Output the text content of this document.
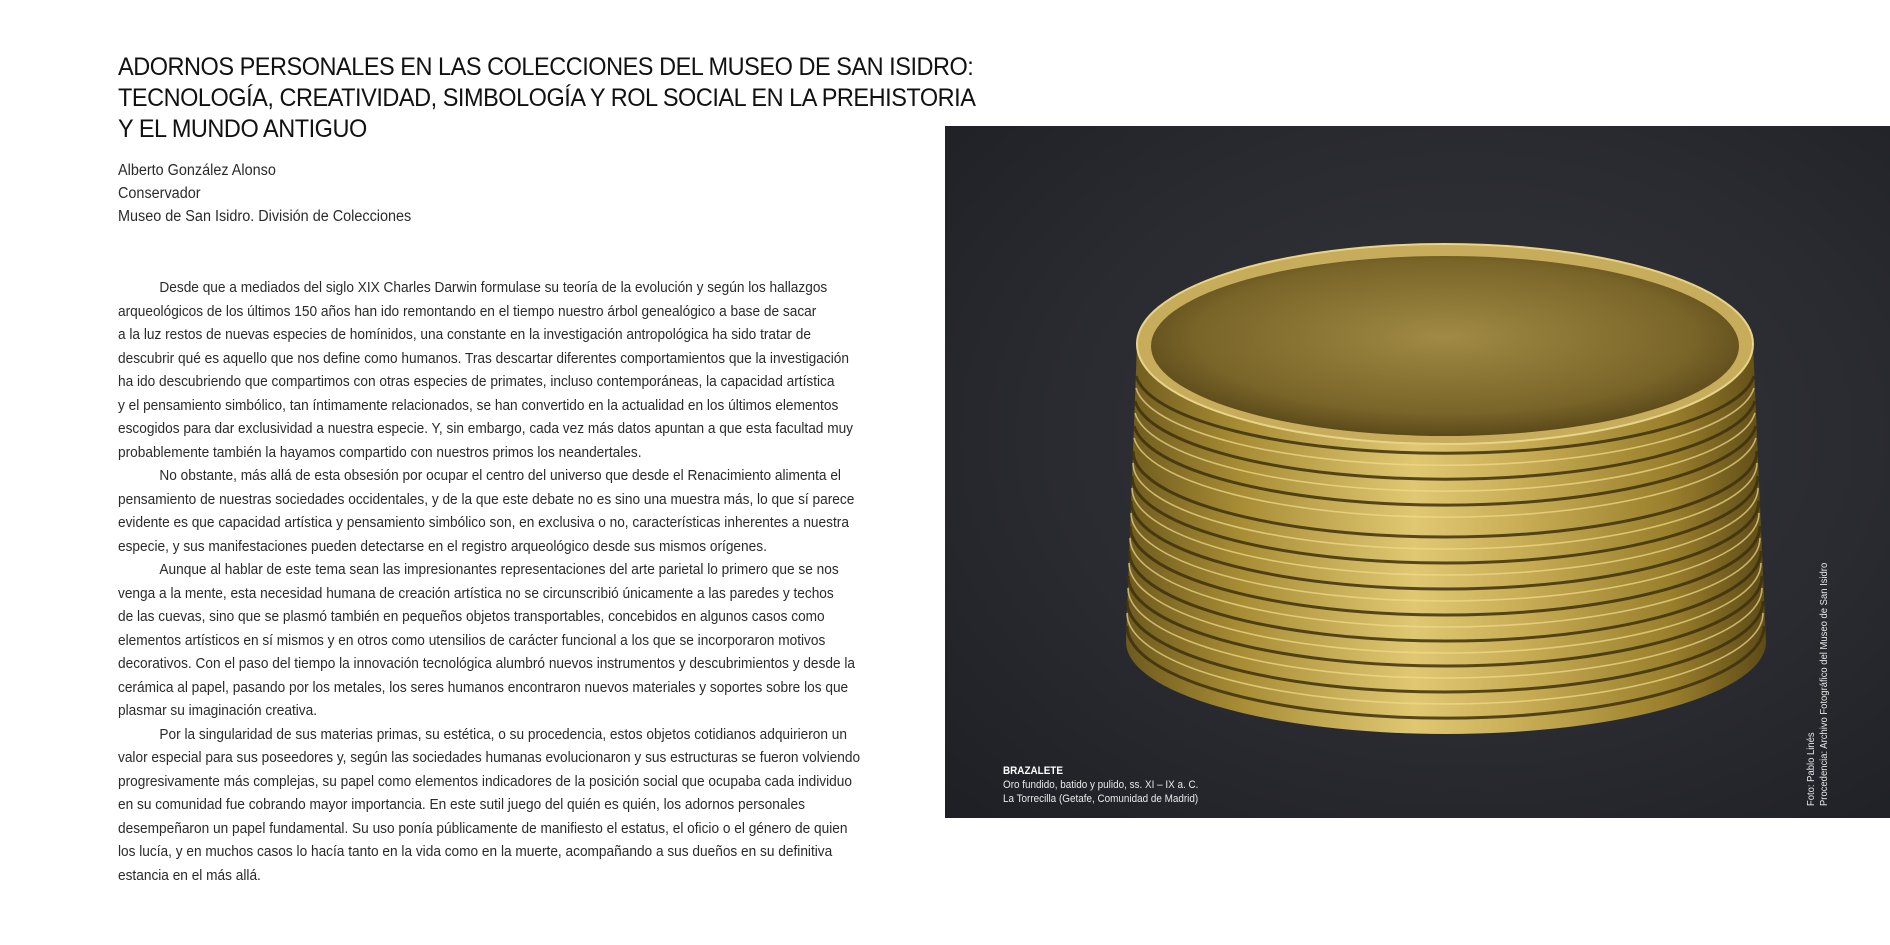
ADORNOS PERSONALES EN LAS COLECCIONES DEL MUSEO DE SAN ISIDRO:
TECNOLOGÍA, CREATIVIDAD, SIMBOLOGÍA Y ROL SOCIAL EN LA PREHISTORIA
Y EL MUNDO ANTIGUO
Alberto González Alonso
Conservador
Museo de San Isidro. División de Colecciones
Desde que a mediados del siglo XIX Charles Darwin formulase su teoría de la evolución y según los hallazgos
arqueológicos de los últimos 150 años han ido remontando en el tiempo nuestro árbol genealógico a base de sacar
a la luz restos de nuevas especies de homínidos, una constante en la investigación antropológica ha sido tratar de
descubrir qué es aquello que nos define como humanos. Tras descartar diferentes comportamientos que la investigación
ha ido descubriendo que compartimos con otras especies de primates, incluso contemporáneas, la capacidad artística
y el pensamiento simbólico, tan íntimamente relacionados, se han convertido en la actualidad en los últimos elementos
escogidos para dar exclusividad a nuestra especie. Y, sin embargo, cada vez más datos apuntan a que esta facultad muy
probablemente también la hayamos compartido con nuestros primos los neandertales.
No obstante, más allá de esta obsesión por ocupar el centro del universo que desde el Renacimiento alimenta el
pensamiento de nuestras sociedades occidentales, y de la que este debate no es sino una muestra más, lo que sí parece
evidente es que capacidad artística y pensamiento simbólico son, en exclusiva o no, características inherentes a nuestra
especie, y sus manifestaciones pueden detectarse en el registro arqueológico desde sus mismos orígenes.
Aunque al hablar de este tema sean las impresionantes representaciones del arte parietal lo primero que se nos
venga a la mente, esta necesidad humana de creación artística no se circunscribió únicamente a las paredes y techos
de las cuevas, sino que se plasmó también en pequeños objetos transportables, concebidos en algunos casos como
elementos artísticos en sí mismos y en otros como utensilios de carácter funcional a los que se incorporaron motivos
decorativos. Con el paso del tiempo la innovación tecnológica alumbró nuevos instrumentos y descubrimientos y desde la
cerámica al papel, pasando por los metales, los seres humanos encontraron nuevos materiales y soportes sobre los que
plasmar su imaginación creativa.
Por la singularidad de sus materias primas, su estética, o su procedencia, estos objetos cotidianos adquirieron un
valor especial para sus poseedores y, según las sociedades humanas evolucionaron y sus estructuras se fueron volviendo
progresivamente más complejas, su papel como elementos indicadores de la posición social que ocupaba cada individuo
en su comunidad fue cobrando mayor importancia. En este sutil juego del quién es quién, los adornos personales
desempeñaron un papel fundamental. Su uso ponía públicamente de manifiesto el estatus, el oficio o el género de quien
los lucía, y en muchos casos lo hacía tanto en la vida como en la muerte, acompañando a sus dueños en su definitiva
estancia en el más allá.
BRAZALETE
Oro fundido, batido y pulido, ss. XI – IX a. C.
La Torrecilla (Getafe, Comunidad de Madrid)	Foto: Pablo Linés Procedencia: Archivo Fotográfico del Museo de San Isidro
